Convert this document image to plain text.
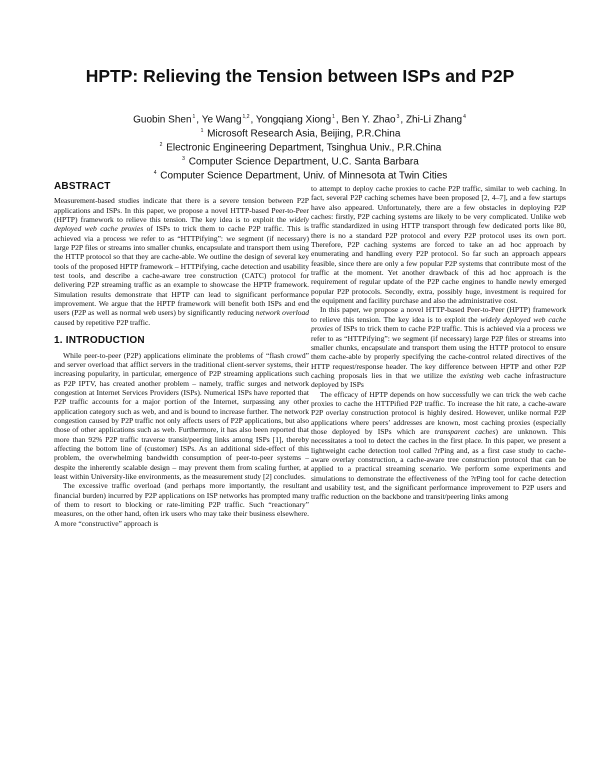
HPTP: Relieving the Tension between ISPs and P2P
Guobin Shen$^1$, Ye Wang$^{1,2}$, Yongqiang Xiong$^1$, Ben Y. Zhao$^3$, Zhi-Li Zhang$^4$
$^1$ Microsoft Research Asia, Beijing, P.R.China
$^2$ Electronic Engineering Department, Tsinghua Univ., P.R.China
$^3$ Computer Science Department, U.C. Santa Barbara
$^4$ Computer Science Department, Univ. of Minnesota at Twin Cities
ABSTRACT

Measurement-based studies indicate that there is a severe tension between P2P applications and ISPs. In this paper, we propose a novel HTTP-based Peer-to-Peer (HPTP) framework to relieve this tension. The key idea is to exploit the widely deployed web cache proxies of ISPs to trick them to cache P2P traffic. This is achieved via a process we refer to as “HTTPifying”: we segment (if necessary) large P2P files or streams into smaller chunks, encapsulate and transport them using the HTTP protocol so that they are cache-able. We outline the design of several key tools of the proposed HPTP framework – HTTPifying, cache detection and usability test tools, and describe a cache-aware tree construction (CATC) protocol for delivering P2P streaming traffic as an example to showcase the HPTP framework. Simulation results demonstrate that HPTP can lead to significant performance improvement. We argue that the HPTP framework will benefit both ISPs and end users (P2P as well as normal web users) by significantly reducing network overload caused by repetitive P2P traffic.

1. INTRODUCTION

While peer-to-peer (P2P) applications eliminate the problems of “flash crowd” and server overload that afflict servers in the traditional client-server systems, their increasing popularity, in particular, emergence of P2P streaming applications such as P2P IPTV, has created another problem – namely, traffic surges and network congestion at Internet Services Providers (ISPs). Numerical ISPs have reported that P2P traffic accounts for a major portion of the Internet, surpassing any other application category such as web, and and is bound to increase further. The network congestion caused by P2P traffic not only affects users of P2P applications, but also those of other applications such as web. Furthermore, it has also been reported that more than 92% P2P traffic traverse transit/peering links among ISPs [1], thereby affecting the bottom line of (customer) ISPs. As an additional side-effect of this problem, the overwhelming bandwidth consumption of peer-to-peer systems – despite the inherently scalable design – may prevent them from scaling further, at least within University-like environments, as the measurement study [2] concludes.

The excessive traffic overload (and perhaps more importantly, the resultant financial burden) incurred by P2P applications on ISP networks has prompted many of them to resort to blocking or rate-limiting P2P traffic. Such “reactionary” measures, on the other hand, often irk users who may take their business elsewhere. A more “constructive” approach is

to attempt to deploy cache proxies to cache P2P traffic, similar to web caching. In fact, several P2P caching schemes have been proposed [2, 4–7], and a few startups have also appeared. Unfortunately, there are a few obstacles in deploying P2P caches: firstly, P2P caching systems are likely to be very complicated. Unlike web traffic standardized in using HTTP transport through few dedicated ports like 80, there is no a standard P2P protocol and every P2P protocol uses its own port. Therefore, P2P caching systems are forced to take an ad hoc approach by enumerating and handling every P2P protocol. So far such an approach appears feasible, since there are only a few popular P2P systems that contribute most of the traffic at the moment. Yet another drawback of this ad hoc approach is the requirement of regular update of the P2P cache engines to handle newly emerged popular P2P protocols. Secondly, extra, possibly huge, investment is required for the equipment and facility purchase and also the administrative cost.

In this paper, we propose a novel HTTP-based Peer-to-Peer (HPTP) framework to relieve this tension. The key idea is to exploit the widely deployed web cache proxies of ISPs to trick them to cache P2P traffic. This is achieved via a process we refer to as “HTTPifying”: we segment (if necessary) large P2P files or streams into smaller chunks, encapsulate and transport them using the HTTP protocol to ensure them cache-able by properly specifying the cache-control related directives of the HTTP request/response header. The key difference between HPTP and other P2P caching proposals lies in that we utilize the existing web cache infrastructure deployed by ISPs

The efficacy of HPTP depends on how successfully we can trick the web cache proxies to cache the HTTPified P2P traffic. To increase the hit rate, a cache-aware P2P overlay construction protocol is highly desired. However, unlike normal P2P applications where peers’ addresses are known, most caching proxies (especially those deployed by ISPs which are transparent caches) are unknown. This necessitates a tool to detect the caches in the first place. In this paper, we present a lightweight cache detection tool called ?rPing and, as a first case study to cache-aware overlay construction, a cache-aware tree construction protocol that can be applied to a practical streaming scenario. We perform some experiments and simulations to demonstrate the effectiveness of the ?rPing tool for cache detection and usability test, and the significant performance improvement to P2P users and traffic reduction on the backbone and transit/peering links among
